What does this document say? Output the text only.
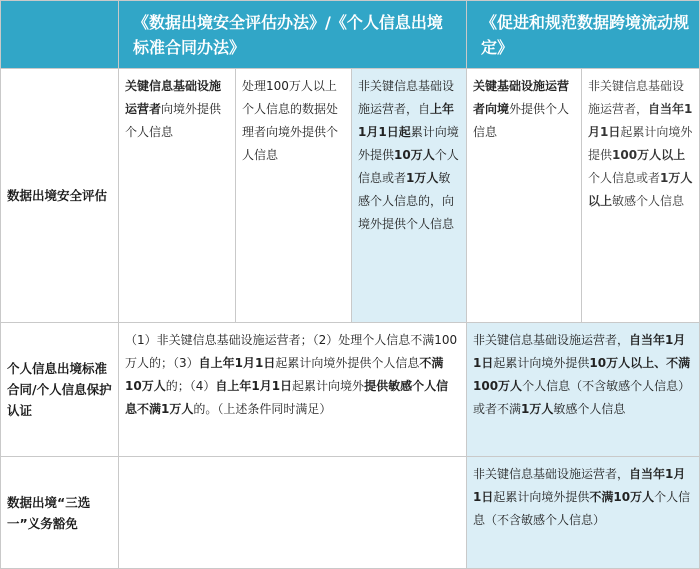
	《数据出境安全评估办法》/《个人信息出境标准合同办法》			《促进和规范数据跨境流动规定》	
数据出境安全评估	关键信息基础设施运营者向境外提供个人信息	处理100万人以上个人信息的数据处理者向境外提供个人信息	非关键信息基础设施运营者，自上年1月1日起累计向境外提供10万人个人信息或者1万人敏感个人信息的，向境外提供个人信息	关键基础设施运营者向境外提供个人信息	非关键信息基础设施运营者，自当年1月1日起累计向境外提供100万人以上个人信息或者1万人以上敏感个人信息
个人信息出境标准合同/个人信息保护认证	（1）非关键信息基础设施运营者；（2）处理个人信息不满100万人的；（3）自上年1月1日起累计向境外提供个人信息不满10万人的；（4）自上年1月1日起累计向境外提供敏感个人信息不满1万人的。（上述条件同时满足）			非关键信息基础设施运营者，自当年1月1日起累计向境外提供10万人以上、不满100万人个人信息（不含敏感个人信息）或者不满1万人敏感个人信息	
数据出境“三选一”义务豁免				非关键信息基础设施运营者，自当年1月1日起累计向境外提供不满10万人个人信息（不含敏感个人信息）	
